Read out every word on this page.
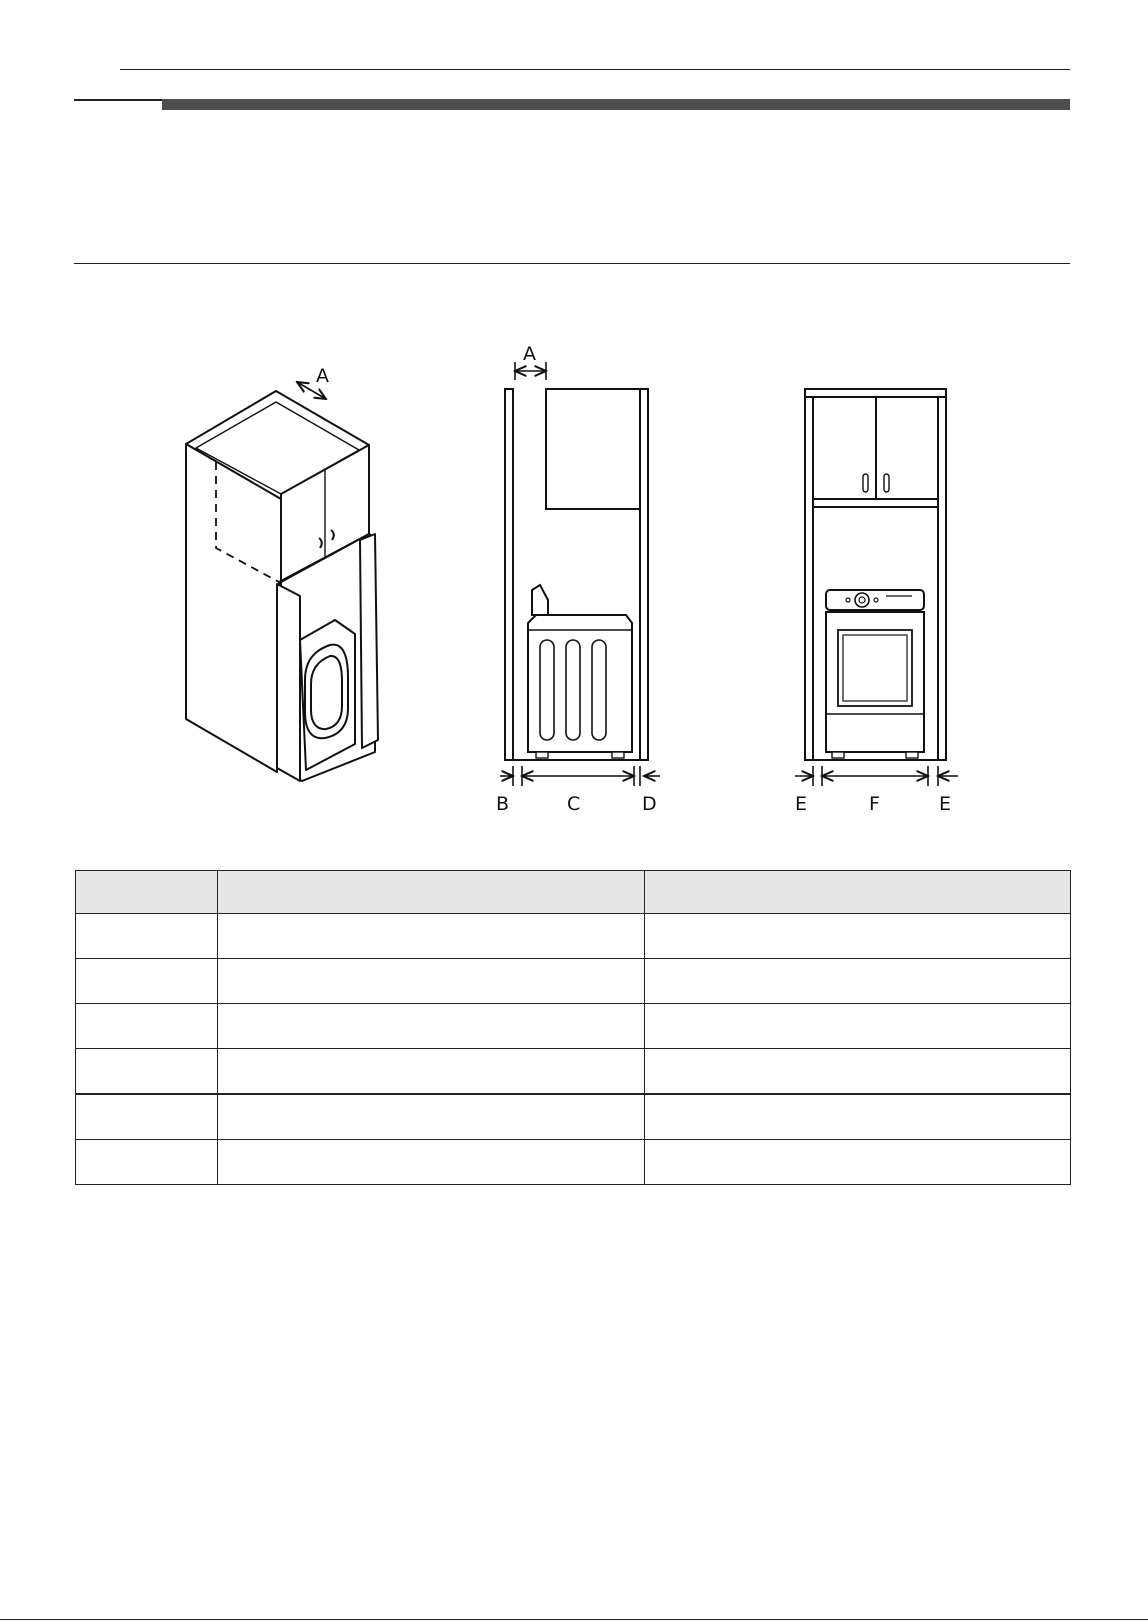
A
A
B	C	D	E	F	E
